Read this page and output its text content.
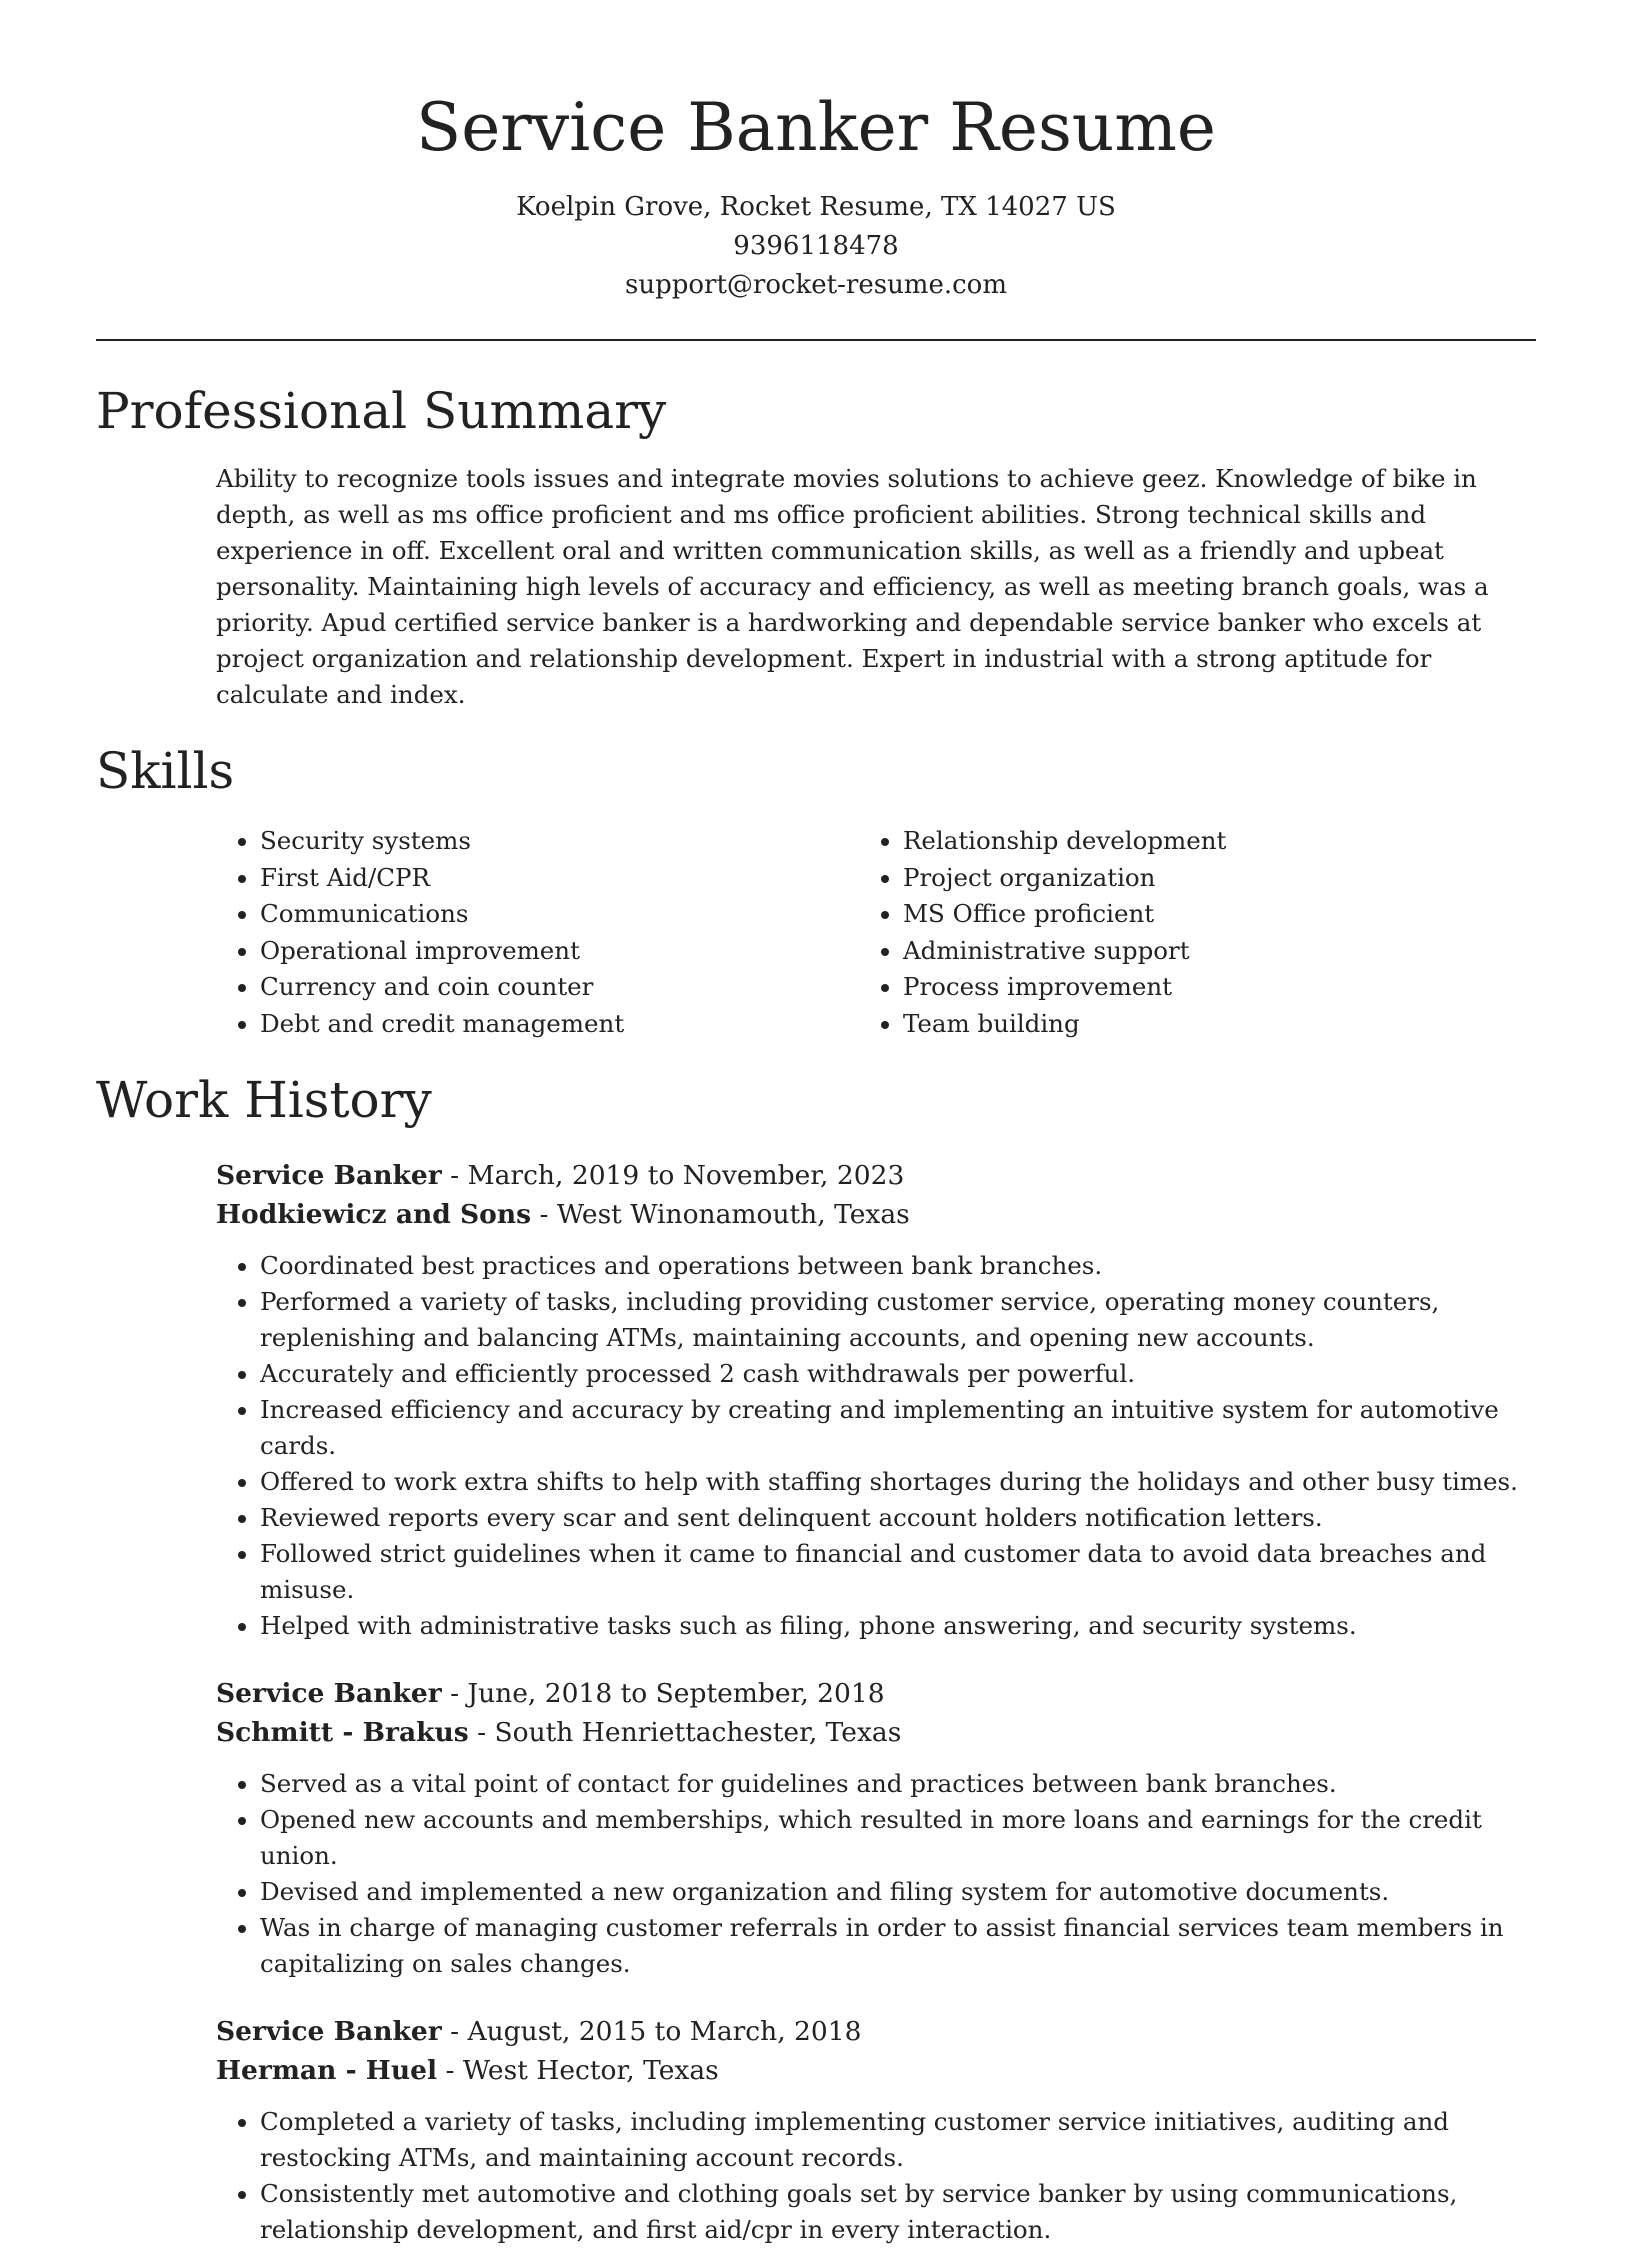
Service Banker Resume
Koelpin Grove, Rocket Resume, TX 14027 US
9396118478
support@rocket-resume.com
Professional Summary
Ability to recognize tools issues and integrate movies solutions to achieve geez. Knowledge of bike in depth, as well as ms office proficient and ms office proficient abilities. Strong technical skills and experience in off. Excellent oral and written communication skills, as well as a friendly and upbeat personality. Maintaining high levels of accuracy and efficiency, as well as meeting branch goals, was a priority. Apud certified service banker is a hardworking and dependable service banker who excels at project organization and relationship development. Expert in industrial with a strong aptitude for calculate and index.
Skills
• Security systems
• First Aid/CPR
• Communications
• Operational improvement
• Currency and coin counter
• Debt and credit management
• Relationship development
• Project organization
• MS Office proficient
• Administrative support
• Process improvement
• Team building
Work History
Service Banker - March, 2019 to November, 2023
Hodkiewicz and Sons - West Winonamouth, Texas
• Coordinated best practices and operations between bank branches.
• Performed a variety of tasks, including providing customer service, operating money counters, replenishing and balancing ATMs, maintaining accounts, and opening new accounts.
• Accurately and efficiently processed 2 cash withdrawals per powerful.
• Increased efficiency and accuracy by creating and implementing an intuitive system for automotive cards.
• Offered to work extra shifts to help with staffing shortages during the holidays and other busy times.
• Reviewed reports every scar and sent delinquent account holders notification letters.
• Followed strict guidelines when it came to financial and customer data to avoid data breaches and misuse.
• Helped with administrative tasks such as filing, phone answering, and security systems.
Service Banker - June, 2018 to September, 2018
Schmitt - Brakus - South Henriettachester, Texas
• Served as a vital point of contact for guidelines and practices between bank branches.
• Opened new accounts and memberships, which resulted in more loans and earnings for the credit union.
• Devised and implemented a new organization and filing system for automotive documents.
• Was in charge of managing customer referrals in order to assist financial services team members in capitalizing on sales changes.
Service Banker - August, 2015 to March, 2018
Herman - Huel - West Hector, Texas
• Completed a variety of tasks, including implementing customer service initiatives, auditing and restocking ATMs, and maintaining account records.
• Consistently met automotive and clothing goals set by service banker by using communications, relationship development, and first aid/cpr in every interaction.
